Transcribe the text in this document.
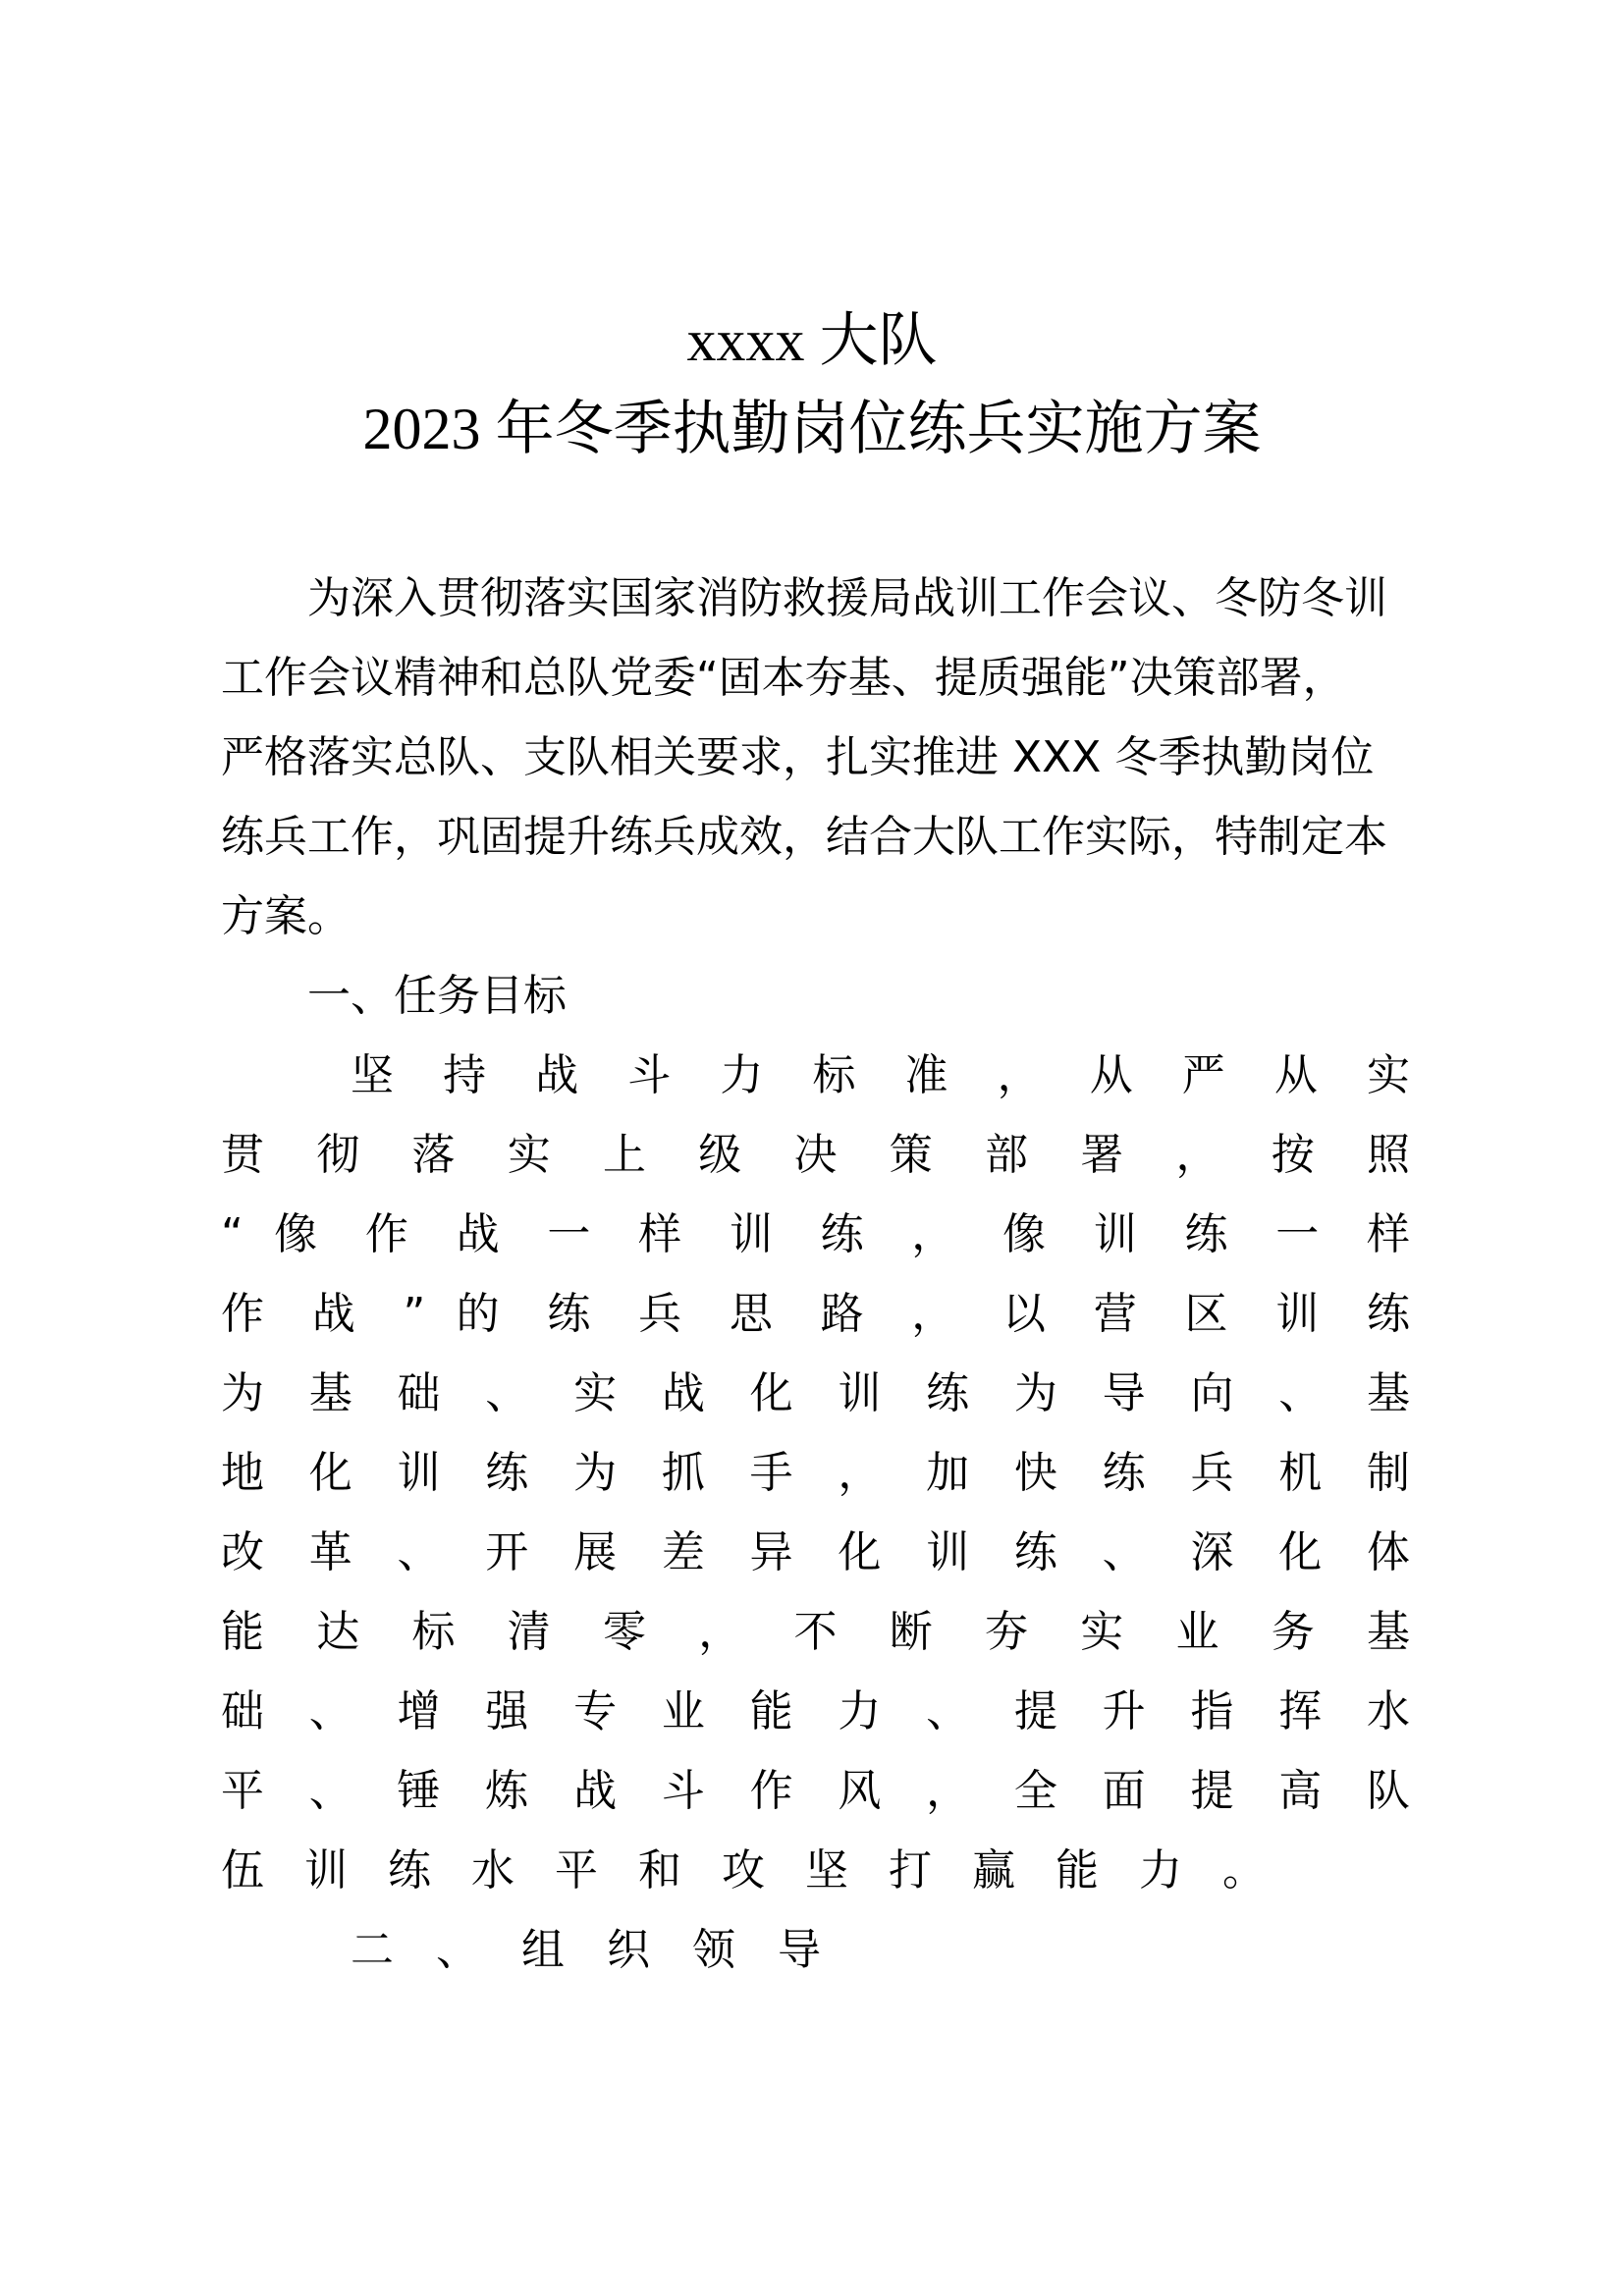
xxxx 大队
2023 年冬季执勤岗位练兵实施方案
为深入贯彻落实国家消防救援局战训工作会议、冬防冬训
工作会议精神和总队党委“固本夯基、提质强能”决策部署，
严格落实总队、支队相关要求，扎实推进 XXX 冬季执勤岗位
练兵工作，巩固提升练兵成效，结合大队工作实际，特制定本
方案。
一、任务目标
坚 持 战 斗 力 标 准 ， 从 严 从 实
贯 彻 落 实 上 级 决 策 部 署 ， 按 照
“ 像 作 战 一 样 训 练 ， 像 训 练 一 样
作 战 ” 的 练 兵 思 路 ， 以 营 区 训 练
为 基 础 、 实 战 化 训 练 为 导 向 、 基
地 化 训 练 为 抓 手 ， 加 快 练 兵 机 制
改 革 、 开 展 差 异 化 训 练 、 深 化 体
能 达 标 清 零 ， 不 断 夯 实 业 务 基
础 、 增 强 专 业 能 力 、 提 升 指 挥 水
平 、 锤 炼 战 斗 作 风 ， 全 面 提 高 队
伍训练水平和攻坚打赢能力。
二、组织领导
